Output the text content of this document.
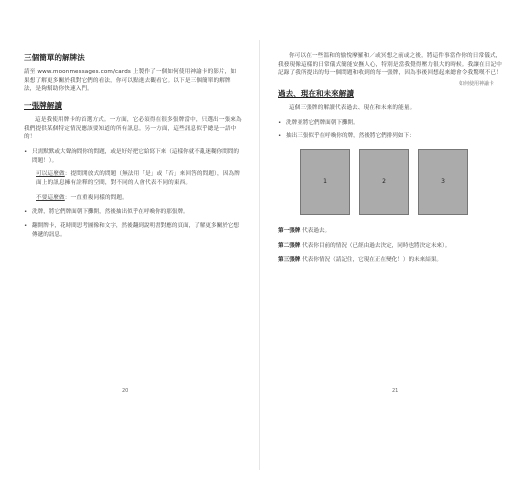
如何使用神諭卡
三個簡單的解牌法

請至 www.moonmessages.com/cards 上製作了一個如何使用神諭卡的影片，如果想了解更多關於我對它們的看法，你可以點進去觀看它。以下是三個簡單的解牌法，是夠幫助你快速入門。

一張牌解讀

這是我使用牌卡的首選方式。一方面，它必須得在很多張牌當中，只選出一張來為我們提供某個特定情況應該要知道的所有訊息。另一方面，這些訊息似乎總是一語中的！

• 只需默默或大聲詢問你的問題，或是好好把它給寫下來（這樣你就不亂迷糊你問問的問題！）。
可以這麼做：提問開放式的問題（無法用「是」或「否」來回答的問題），因為牌面上的訊息擁有詮釋的空間，對不同的人會代表不同的東西。
不要這麼做：一直重複同樣的問題。
• 洗牌，將它們牌面朝下攤開，然後抽出似乎在呼喚你的那張牌。
• 翻開牌卡，花時間思考圖像和文字，然後翻到說明書對應的頁面，了解更多關於它想傳遞的訊息。

你可以在一些溫和的愉悅摩羅和／或冥想之前或之後，將這件事當作你的日常儀式，我發現像這樣的日常儀式簡能安撫人心，特別是當我覺得壓力很大的時候。我讓在日記中記錄了我所提出的每一個問題和收到的每一張牌，因為事後回想起來總會令我驚嘆不已！

過去、現在和未來解讀

這個三張牌的解讀代表過去、現在和未來的能量。

• 洗牌並將它們牌面朝下攤開。
• 抽出三張似乎在呼喚你的牌，然後將它們排列如下：
1	2	3
第一張牌 代表過去。
第二張牌 代表你目前的情況（已經由過去決定，同時也將決定未來）。
第三張牌 代表你情況（請記住，它現在正在變化！）的未來結果。
20	21
